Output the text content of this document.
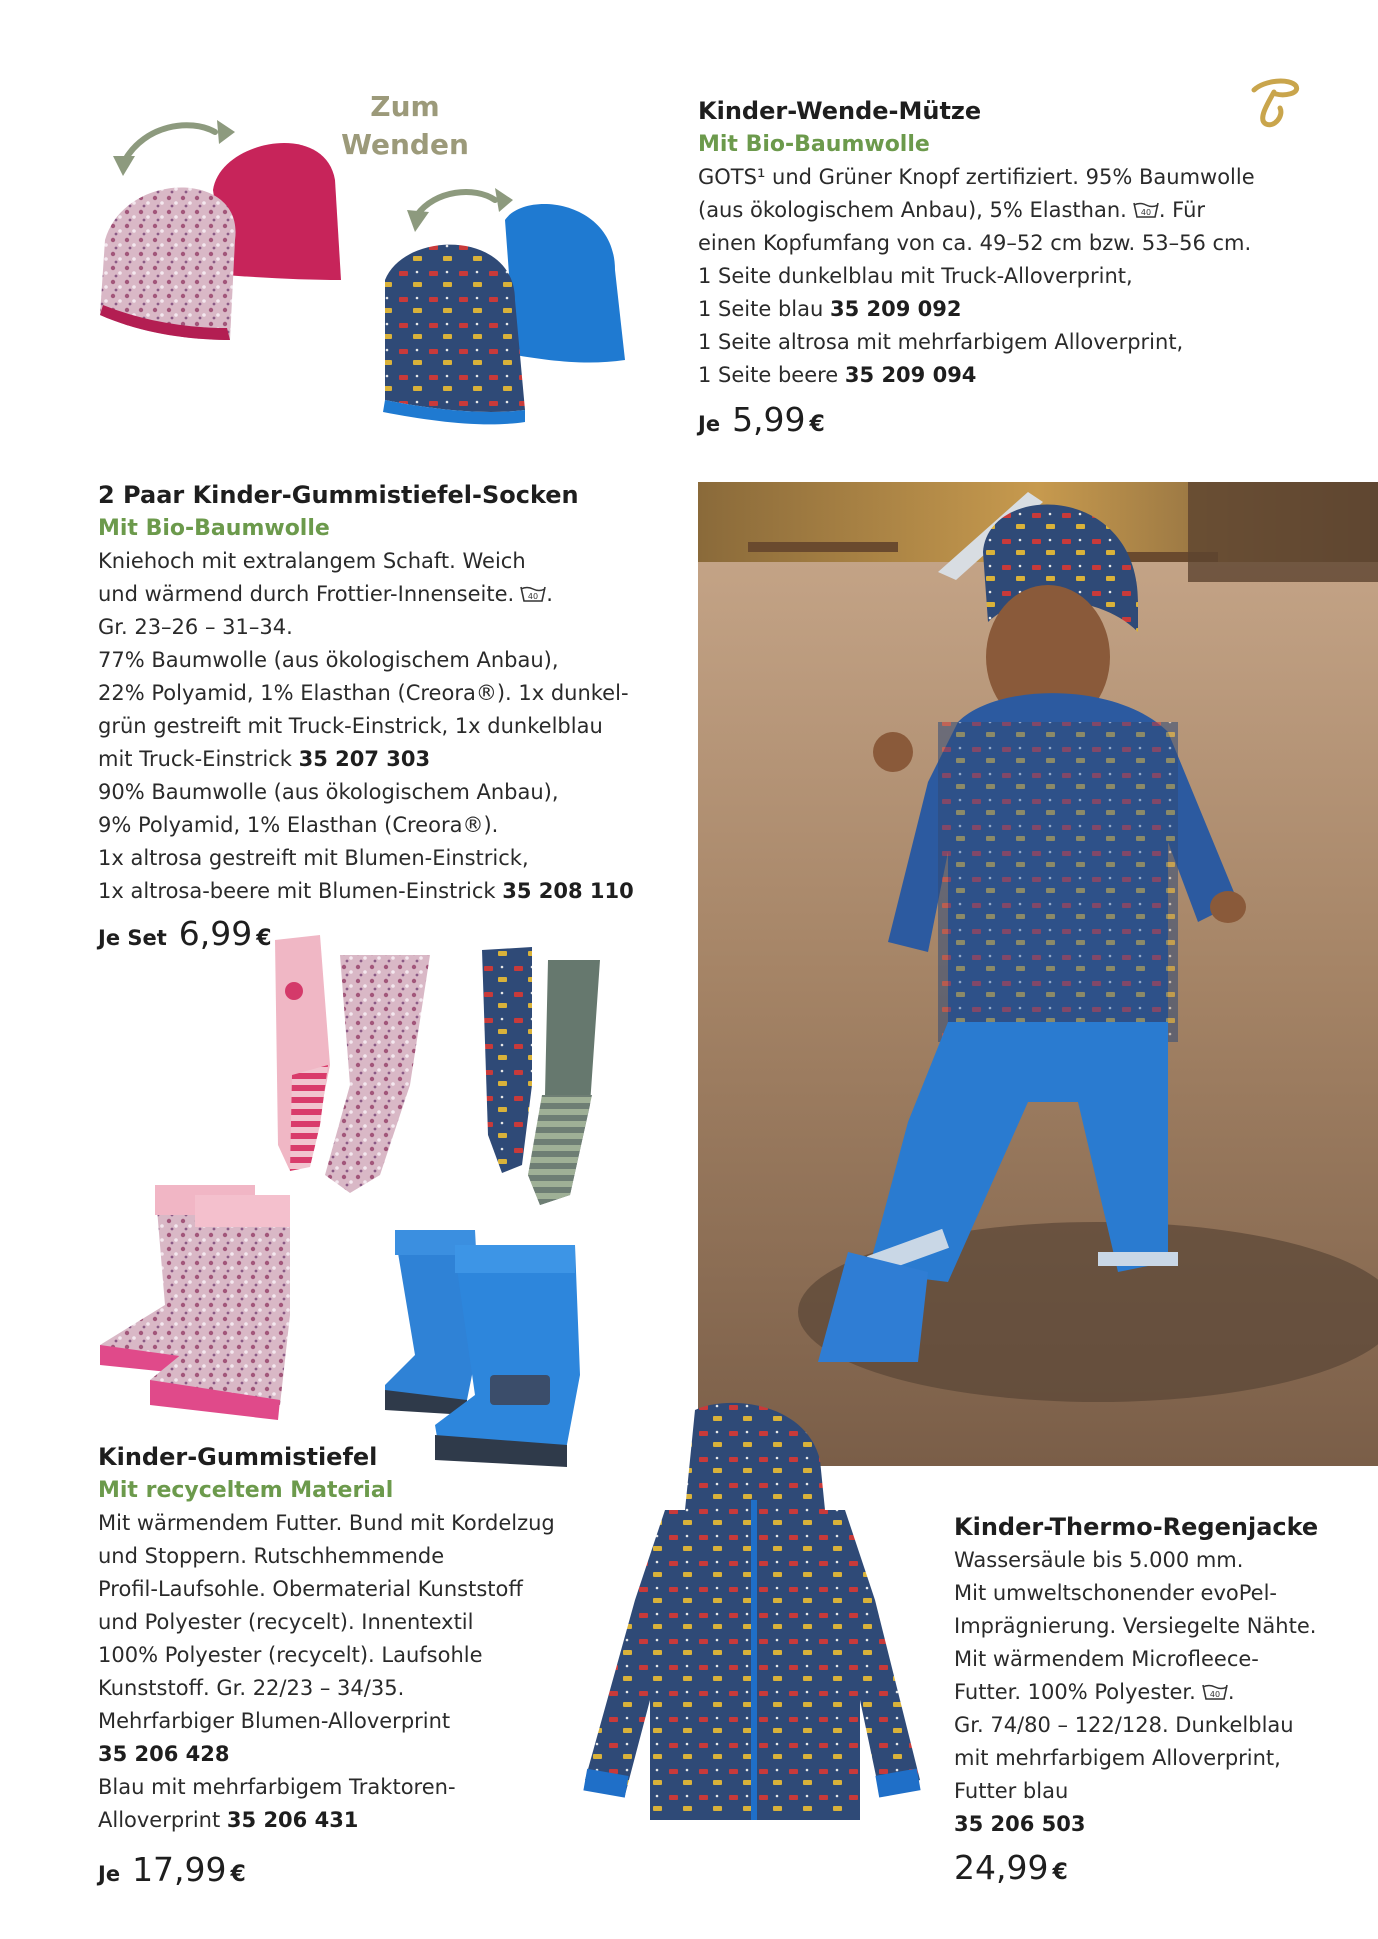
Zum
Wenden
Kinder-Wende-Mütze
Mit Bio-Baumwolle
GOTS¹ und Grüner Knopf zertifiziert. 95% Baumwolle
(aus ökologischem Anbau), 5% Elasthan. 40 . Für
einen Kopfumfang von ca. 49–52 cm bzw. 53–56 cm.
1 Seite dunkelblau mit Truck-Alloverprint,
1 Seite blau 35 209 092
1 Seite altrosa mit mehrfarbigem Alloverprint,
1 Seite beere 35 209 094
Je 5,99 €
2 Paar Kinder-Gummistiefel-Socken
Mit Bio-Baumwolle
Kniehoch mit extralangem Schaft. Weich
und wärmend durch Frottier-Innenseite. 40 .
Gr. 23–26 – 31–34.
77% Baumwolle (aus ökologischem Anbau),
22% Polyamid, 1% Elasthan (Creora®). 1x dunkel-
grün gestreift mit Truck-Einstrick, 1x dunkelblau
mit Truck-Einstrick 35 207 303
90% Baumwolle (aus ökologischem Anbau),
9% Polyamid, 1% Elasthan (Creora®).
1x altrosa gestreift mit Blumen-Einstrick,
1x altrosa-beere mit Blumen-Einstrick 35 208 110
Je Set 6,99 €
Kinder-Gummistiefel
Mit recyceltem Material
Mit wärmendem Futter. Bund mit Kordelzug
und Stoppern. Rutschhemmende
Profil-Laufsohle. Obermaterial Kunststoff
und Polyester (recycelt). Innentextil
100% Polyester (recycelt). Laufsohle
Kunststoff. Gr. 22/23 – 34/35.
Mehrfarbiger Blumen-Alloverprint
35 206 428
Blau mit mehrfarbigem Traktoren-
Alloverprint 35 206 431
Je 17,99 €
Kinder-Thermo-Regenjacke
Wassersäule bis 5.000 mm.
Mit umweltschonender evoPel-
Imprägnierung. Versiegelte Nähte.
Mit wärmendem Microfleece-
Futter. 100% Polyester. 40 .
Gr. 74/80 – 122/128. Dunkelblau
mit mehrfarbigem Alloverprint,
Futter blau
35 206 503
24,99 €
